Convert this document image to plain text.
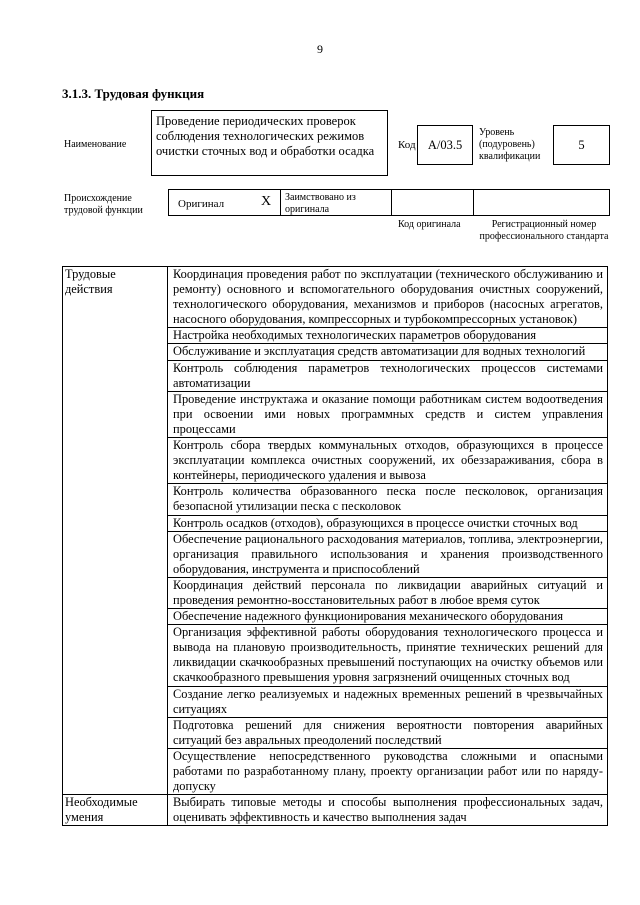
9
3.1.3. Трудовая функция
Наименование
Проведение периодических проверок соблюдения технологических режимов очистки сточных вод и обработки осадка	Код А/03.5
Уровень (подуровень) квалификации
5
Происхождение трудовой функции
Оригинал	X Заимствовано из оригинала
Код оригинала	Регистрационный номер профессионального стандарта
Трудовые действия	Координация проведения работ по эксплуатации (технического обслуживанию и ремонту) основного и вспомогательного оборудования очистных сооружений, технологического оборудования, механизмов и приборов (насосных агрегатов, насосного оборудования, компрессорных и турбокомпрессорных установок)
	Настройка необходимых технологических параметров оборудования
	Обслуживание и эксплуатация средств автоматизации для водных технологий
	Контроль соблюдения параметров технологических процессов системами автоматизации
	Проведение инструктажа и оказание помощи работникам систем водоотведения при освоении ими новых программных средств и систем управления процессами
	Контроль сбора твердых коммунальных отходов, образующихся в процессе эксплуатации комплекса очистных сооружений, их обеззараживания, сбора в контейнеры, периодического удаления и вывоза
	Контроль количества образованного песка после песколовок, организация безопасной утилизации песка с песколовок
	Контроль осадков (отходов), образующихся в процессе очистки сточных вод
	Обеспечение рационального расходования материалов, топлива, электроэнергии, организация правильного использования и хранения производственного оборудования, инструмента и приспособлений
	Координация действий персонала по ликвидации аварийных ситуаций и проведения ремонтно-восстановительных работ в любое время суток
	Обеспечение надежного функционирования механического оборудования
	Организация эффективной работы оборудования технологического процесса и вывода на плановую производительность, принятие технических решений для ликвидации скачкообразных превышений поступающих на очистку объемов или скачкообразного превышения уровня загрязнений очищенных сточных вод
	Создание легко реализуемых и надежных временных решений в чрезвычайных ситуациях
	Подготовка решений для снижения вероятности повторения аварийных ситуаций без авральных преодолений последствий
	Осуществление непосредственного руководства сложными и опасными работами по разработанному плану, проекту организации работ или по наряду-допуску
Необходимые умения	Выбирать типовые методы и способы выполнения профессиональных задач, оценивать эффективность и качество выполнения задач
